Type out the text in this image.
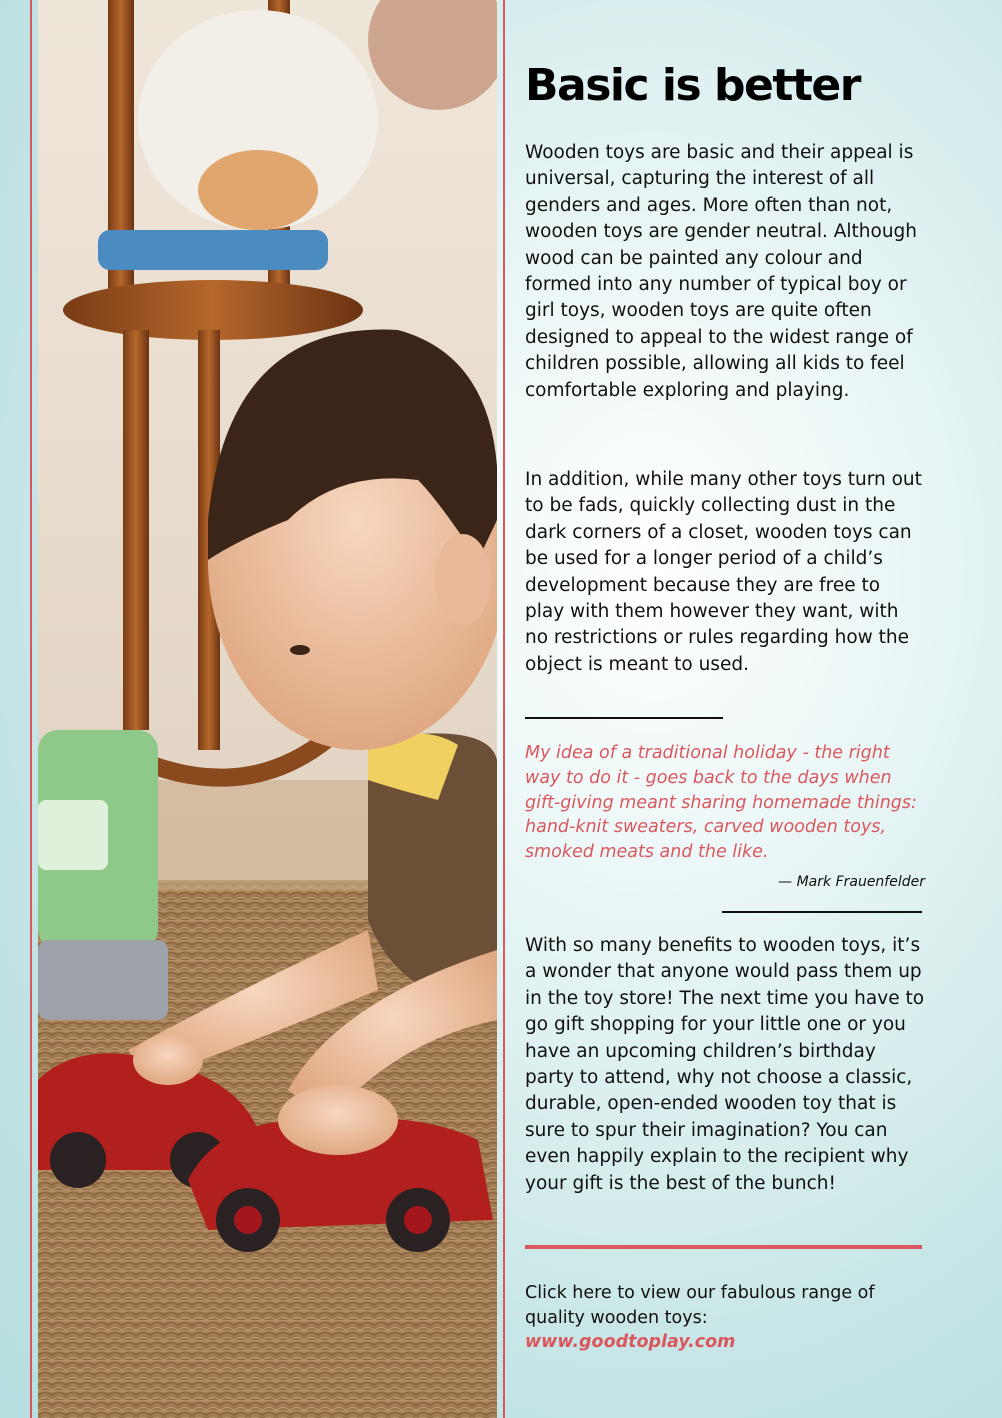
Basic is better

Wooden toys are basic and their appeal is universal, capturing the interest of all genders and ages. More often than not, wooden toys are gender neutral. Although wood can be painted any colour and formed into any number of typical boy or girl toys, wooden toys are quite often designed to appeal to the widest range of children possible, allowing all kids to feel comfortable exploring and playing.

In addition, while many other toys turn out to be fads, quickly collecting dust in the dark corners of a closet, wooden toys can be used for a longer period of a child’s development because they are free to play with them however they want, with no restrictions or rules regarding how the object is meant to used.

My idea of a traditional holiday - the right way to do it - goes back to the days when gift-giving meant sharing homemade things: hand-knit sweaters, carved wooden toys, smoked meats and the like.

— Mark Frauenfelder

With so many benefits to wooden toys, it’s a wonder that anyone would pass them up in the toy store! The next time you have to go gift shopping for your little one or you have an upcoming children’s birthday party to attend, why not choose a classic, durable, open-ended wooden toy that is sure to spur their imagination? You can even happily explain to the recipient why your gift is the best of the bunch!

Click here to view our fabulous range of quality wooden toys:
www.goodtoplay.com
